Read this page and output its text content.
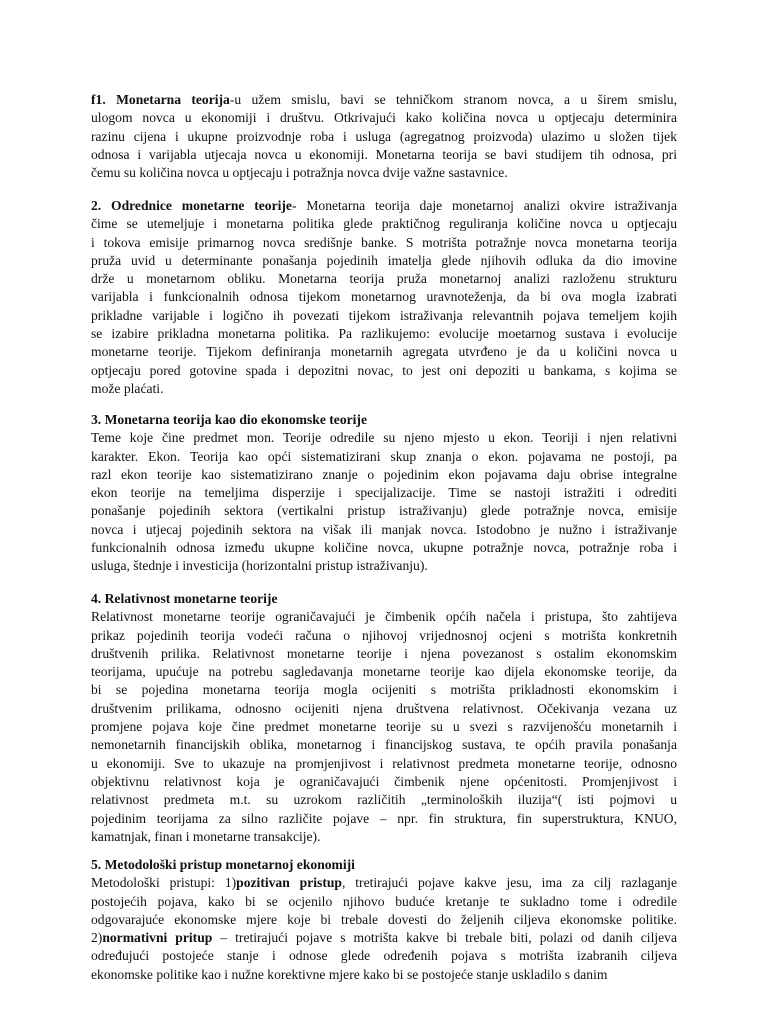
f1. Monetarna teorija-u užem smislu, bavi se tehničkom stranom novca, a u širem smislu,
ulogom novca u ekonomiji i društvu. Otkrivajući kako količina novca u optjecaju determinira
razinu cijena i ukupne proizvodnje roba i usluga (agregatnog proizvoda) ulazimo u složen tijek
odnosa i varijabla utjecaja novca u ekonomiji. Monetarna teorija se bavi studijem tih odnosa, pri
čemu su količina novca u optjecaju i potražnja novca dvije važne sastavnice.
2. Odrednice monetarne teorije- Monetarna teorija daje monetarnoj analizi okvire istraživanja
čime se utemeljuje i monetarna politika glede praktičnog reguliranja količine novca u optjecaju
i tokova emisije primarnog novca središnje banke. S motrišta potražnje novca monetarna teorija
pruža uvid u determinante ponašanja pojedinih imatelja glede njihovih odluka da dio imovine
drže u monetarnom obliku. Monetarna teorija pruža monetarnoj analizi razloženu strukturu
varijabla i funkcionalnih odnosa tijekom monetarnog uravnoteženja, da bi ova mogla izabrati
prikladne varijable i logično ih povezati tijekom istraživanja relevantnih pojava temeljem kojih
se izabire prikladna monetarna politika. Pa razlikujemo: evolucije moetarnog sustava i evolucije
monetarne teorije. Tijekom definiranja monetarnih agregata utvrđeno je da u količini novca u
optjecaju pored gotovine spada i depozitni novac, to jest oni depoziti u bankama, s kojima se
može plaćati.
3. Monetarna teorija kao dio ekonomske teorije
Teme koje čine predmet mon. Teorije odredile su njeno mjesto u ekon. Teoriji i njen relativni
karakter. Ekon. Teorija kao opći sistematizirani skup znanja o ekon. pojavama ne postoji, pa
razl ekon teorije kao sistematizirano znanje o pojedinim ekon pojavama daju obrise integralne
ekon teorije na temeljima disperzije i specijalizacije. Time se nastoji istražiti i odrediti
ponašanje pojedinih sektora (vertikalni pristup istraživanju) glede potražnje novca, emisije
novca i utjecaj pojedinih sektora na višak ili manjak novca. Istodobno je nužno i istraživanje
funkcionalnih odnosa između ukupne količine novca, ukupne potražnje novca, potražnje roba i
usluga, štednje i investicija (horizontalni pristup istraživanju).
4. Relativnost monetarne teorije
Relativnost monetarne teorije ograničavajući je čimbenik općih načela i pristupa, što zahtijeva
prikaz pojedinih teorija vodeći računa o njihovoj vrijednosnoj ocjeni s motrišta konkretnih
društvenih prilika. Relativnost monetarne teorije i njena povezanost s ostalim ekonomskim
teorijama, upućuje na potrebu sagledavanja monetarne teorije kao dijela ekonomske teorije, da
bi se pojedina monetarna teorija mogla ocijeniti s motrišta prikladnosti ekonomskim i
društvenim prilikama, odnosno ocijeniti njena društvena relativnost. Očekivanja vezana uz
promjene pojava koje čine predmet monetarne teorije su u svezi s razvijenošću monetarnih i
nemonetarnih financijskih oblika, monetarnog i financijskog sustava, te općih pravila ponašanja
u ekonomiji. Sve to ukazuje na promjenjivost i relativnost predmeta monetarne teorije, odnosno
objektivnu relativnost koja je ograničavajući čimbenik njene općenitosti. Promjenjivost i
relativnost predmeta m.t. su uzrokom različitih „terminoloških iluzija“( isti pojmovi u
pojedinim teorijama za silno različite pojave – npr. fin struktura, fin superstruktura, KNUO,
kamatnjak, finan i monetarne transakcije).
5. Metodološki pristup monetarnoj ekonomiji
Metodološki pristupi: 1)pozitivan pristup, tretirajući pojave kakve jesu, ima za cilj razlaganje
postojećih pojava, kako bi se ocjenilo njihovo buduće kretanje te sukladno tome i odredile
odgovarajuće ekonomske mjere koje bi trebale dovesti do željenih ciljeva ekonomske politike.
2)normativni pritup – tretirajući pojave s motrišta kakve bi trebale biti, polazi od danih ciljeva
određujući postojeće stanje i odnose glede određenih pojava s motrišta izabranih ciljeva
ekonomske politike kao i nužne korektivne mjere kako bi se postojeće stanje uskladilo s danim
